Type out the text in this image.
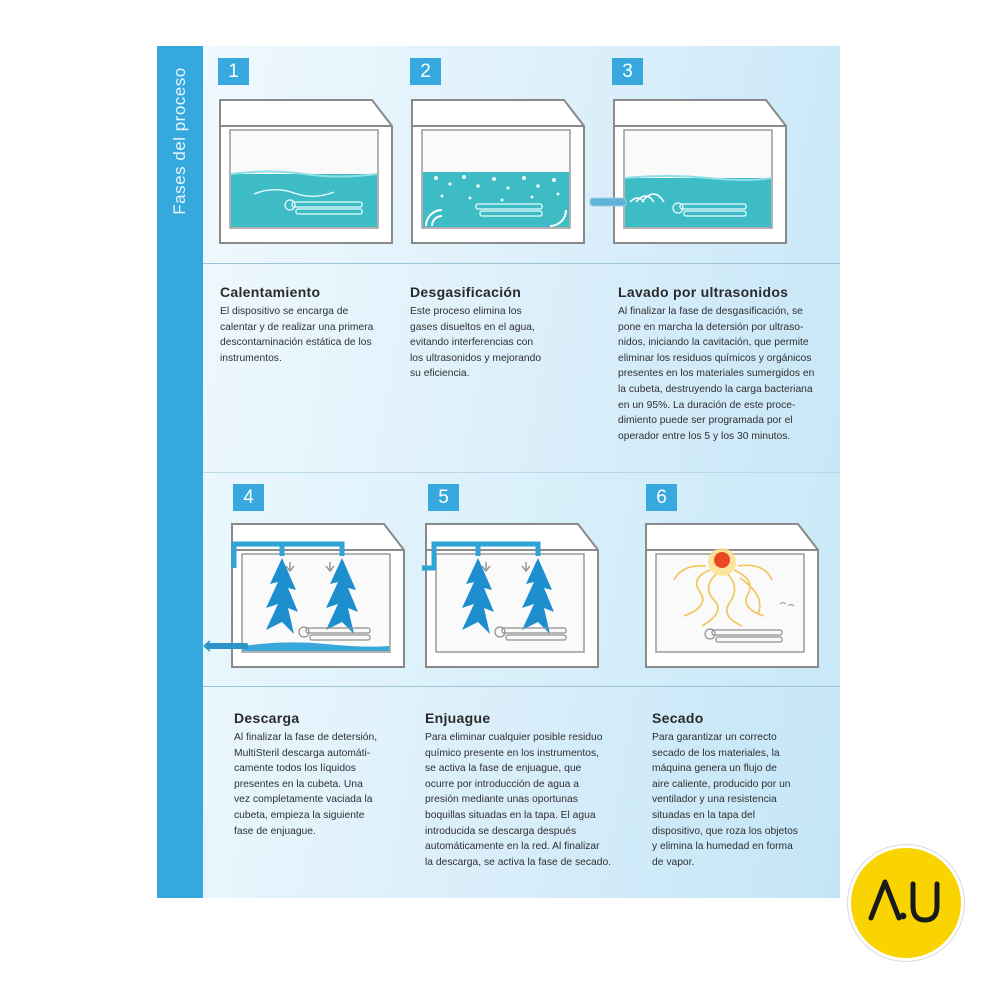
Fases del proceso	1	2	3
4	5	6
Calentamiento	Desgasificación	Lavado por ultrasonidos
Descarga	Enjuague	Secado
El dispositivo se encarga de
calentar y de realizar una primera
descontaminación estática de los
instrumentos.
Este proceso elimina los
gases disueltos en el agua,
evitando interferencias con
los ultrasonidos y mejorando
su eficiencia.
Al finalizar la fase de desgasificación, se
pone en marcha la detersión por ultraso-
nidos, iniciando la cavitación, que permite
eliminar los residuos químicos y orgánicos
presentes en los materiales sumergidos en
la cubeta, destruyendo la carga bacteriana
en un 95%. La duración de este proce-
dimiento puede ser programada por el
operador entre los 5 y los 30 minutos.
Al finalizar la fase de detersión,
MultiSteril descarga automáti-
camente todos los líquidos
presentes en la cubeta. Una
vez completamente vaciada la
cubeta, empieza la siguiente
fase de enjuague.
Para eliminar cualquier posible residuo
químico presente en los instrumentos,
se activa la fase de enjuague, que
ocurre por introducción de agua a
presión mediante unas oportunas
boquillas situadas en la tapa. El agua
introducida se descarga después
automáticamente en la red. Al finalizar
la descarga, se activa la fase de secado.
Para garantizar un correcto
secado de los materiales, la
máquina genera un flujo de
aire caliente, producido por un
ventilador y una resistencia
situadas en la tapa del
dispositivo, que roza los objetos
y elimina la humedad en forma
de vapor.
